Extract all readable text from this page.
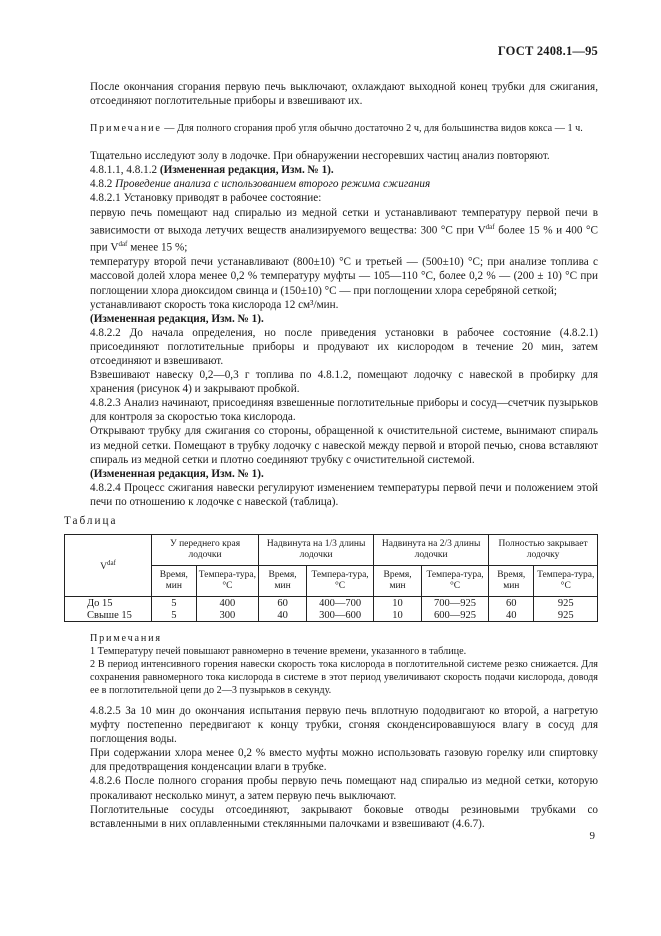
ГОСТ 2408.1—95

После окончания сгорания первую печь выключают, охлаждают выходной конец трубки для сжигания, отсоединяют поглотительные приборы и взвешивают их.

Примечание — Для полного сгорания проб угля обычно достаточно 2 ч, для большинства видов кокса — 1 ч.

Тщательно исследуют золу в лодочке. При обнаружении несгоревших частиц анализ повторяют.

4.8.1.1, 4.8.1.2 (Измененная редакция, Изм. № 1).

4.8.2 Проведение анализа с использованием второго режима сжигания

4.8.2.1 Установку приводят в рабочее состояние:

первую печь помещают над спиралью из медной сетки и устанавливают температуру первой печи в зависимости от выхода летучих веществ анализируемого вещества: 300 °С при $V^{daf}$ более 15 % и 400 °С при $V^{daf}$ менее 15 %;

температуру второй печи устанавливают (800±10) °С и третьей — (500±10) °С; при анализе топлива с массовой долей хлора менее 0,2 % температуру муфты — 105—110 °С, более 0,2 % — (200 ± 10) °С при поглощении хлора диоксидом свинца и (150±10) °С — при поглощении хлора серебряной сеткой;

устанавливают скорость тока кислорода 12 см³/мин.

(Измененная редакция, Изм. № 1).

4.8.2.2 До начала определения, но после приведения установки в рабочее состояние (4.8.2.1) присоединяют поглотительные приборы и продувают их кислородом в течение 20 мин, затем отсоединяют и взвешивают.

Взвешивают навеску 0,2—0,3 г топлива по 4.8.1.2, помещают лодочку с навеской в пробирку для хранения (рисунок 4) и закрывают пробкой.

4.8.2.3 Анализ начинают, присоединяя взвешенные поглотительные приборы и сосуд—счетчик пузырьков для контроля за скоростью тока кислорода.

Открывают трубку для сжигания со стороны, обращенной к очистительной системе, вынимают спираль из медной сетки. Помещают в трубку лодочку с навеской между первой и второй печью, снова вставляют спираль из медной сетки и плотно соединяют трубку с очистительной системой.

(Измененная редакция, Изм. № 1).

4.8.2.4 Процесс сжигания навески регулируют изменением температуры первой печи и положением этой печи по отношению к лодочке с навеской (таблица).

Таблица
$V^{daf}$	У переднего края лодочки		Надвинута на 1/3 длины лодочки		Надвинута на 2/3 длины лодочки		Полностью закрывает лодочку	
	Время, мин	Темпера-тура, °С	Время, мин	Темпера-тура, °С	Время, мин	Темпера-тура, °С	Время, мин	Темпера-тура, °С
До 15	5	400	60	400—700	10	700—925	60	925
Свыше 15	5	300	40	300—600	10	600—925	40	925

Примечания

1 Температуру печей повышают равномерно в течение времени, указанного в таблице.

2 В период интенсивного горения навески скорость тока кислорода в поглотительной системе резко снижается. Для сохранения равномерного тока кислорода в системе в этот период увеличивают скорость подачи кислорода, доводя ее в поглотительной цепи до 2—3 пузырьков в секунду.

4.8.2.5 За 10 мин до окончания испытания первую печь вплотную пододвигают ко второй, а нагретую муфту постепенно передвигают к концу трубки, сгоняя сконденсировавшуюся влагу в сосуд для поглощения воды.

При содержании хлора менее 0,2 % вместо муфты можно использовать газовую горелку или спиртовку для предотвращения конденсации влаги в трубке.

4.8.2.6 После полного сгорания пробы первую печь помещают над спиралью из медной сетки, которую прокаливают несколько минут, а затем первую печь выключают.

Поглотительные сосуды отсоединяют, закрывают боковые отводы резиновыми трубками со вставленными в них оплавленными стеклянными палочками и взвешивают (4.6.7).

9
